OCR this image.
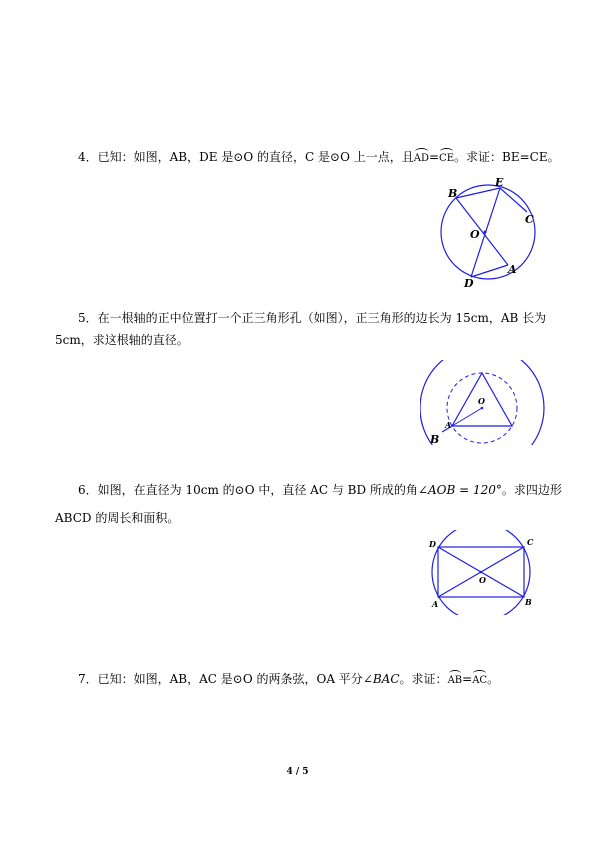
4．已知：如图，AB，DE 是⊙O 的直径，C 是⊙O 上一点，且AD=CE。求证：BE=CE。
B
E
C
O
D
A
5．在一根轴的正中位置打一个正三角形孔（如图），正三角形的边长为 15cm，AB 长为
5cm，求这根轴的直径。
O
A
B
6．如图，在直径为 10cm 的⊙O 中，直径 AC 与 BD 所成的角∠AOB = 120°。求四边形
ABCD 的周长和面积。
D	C
O
A	B
7．已知：如图，AB，AC 是⊙O 的两条弦，OA 平分∠BAC。求证：AB=AC。
4 / 5
